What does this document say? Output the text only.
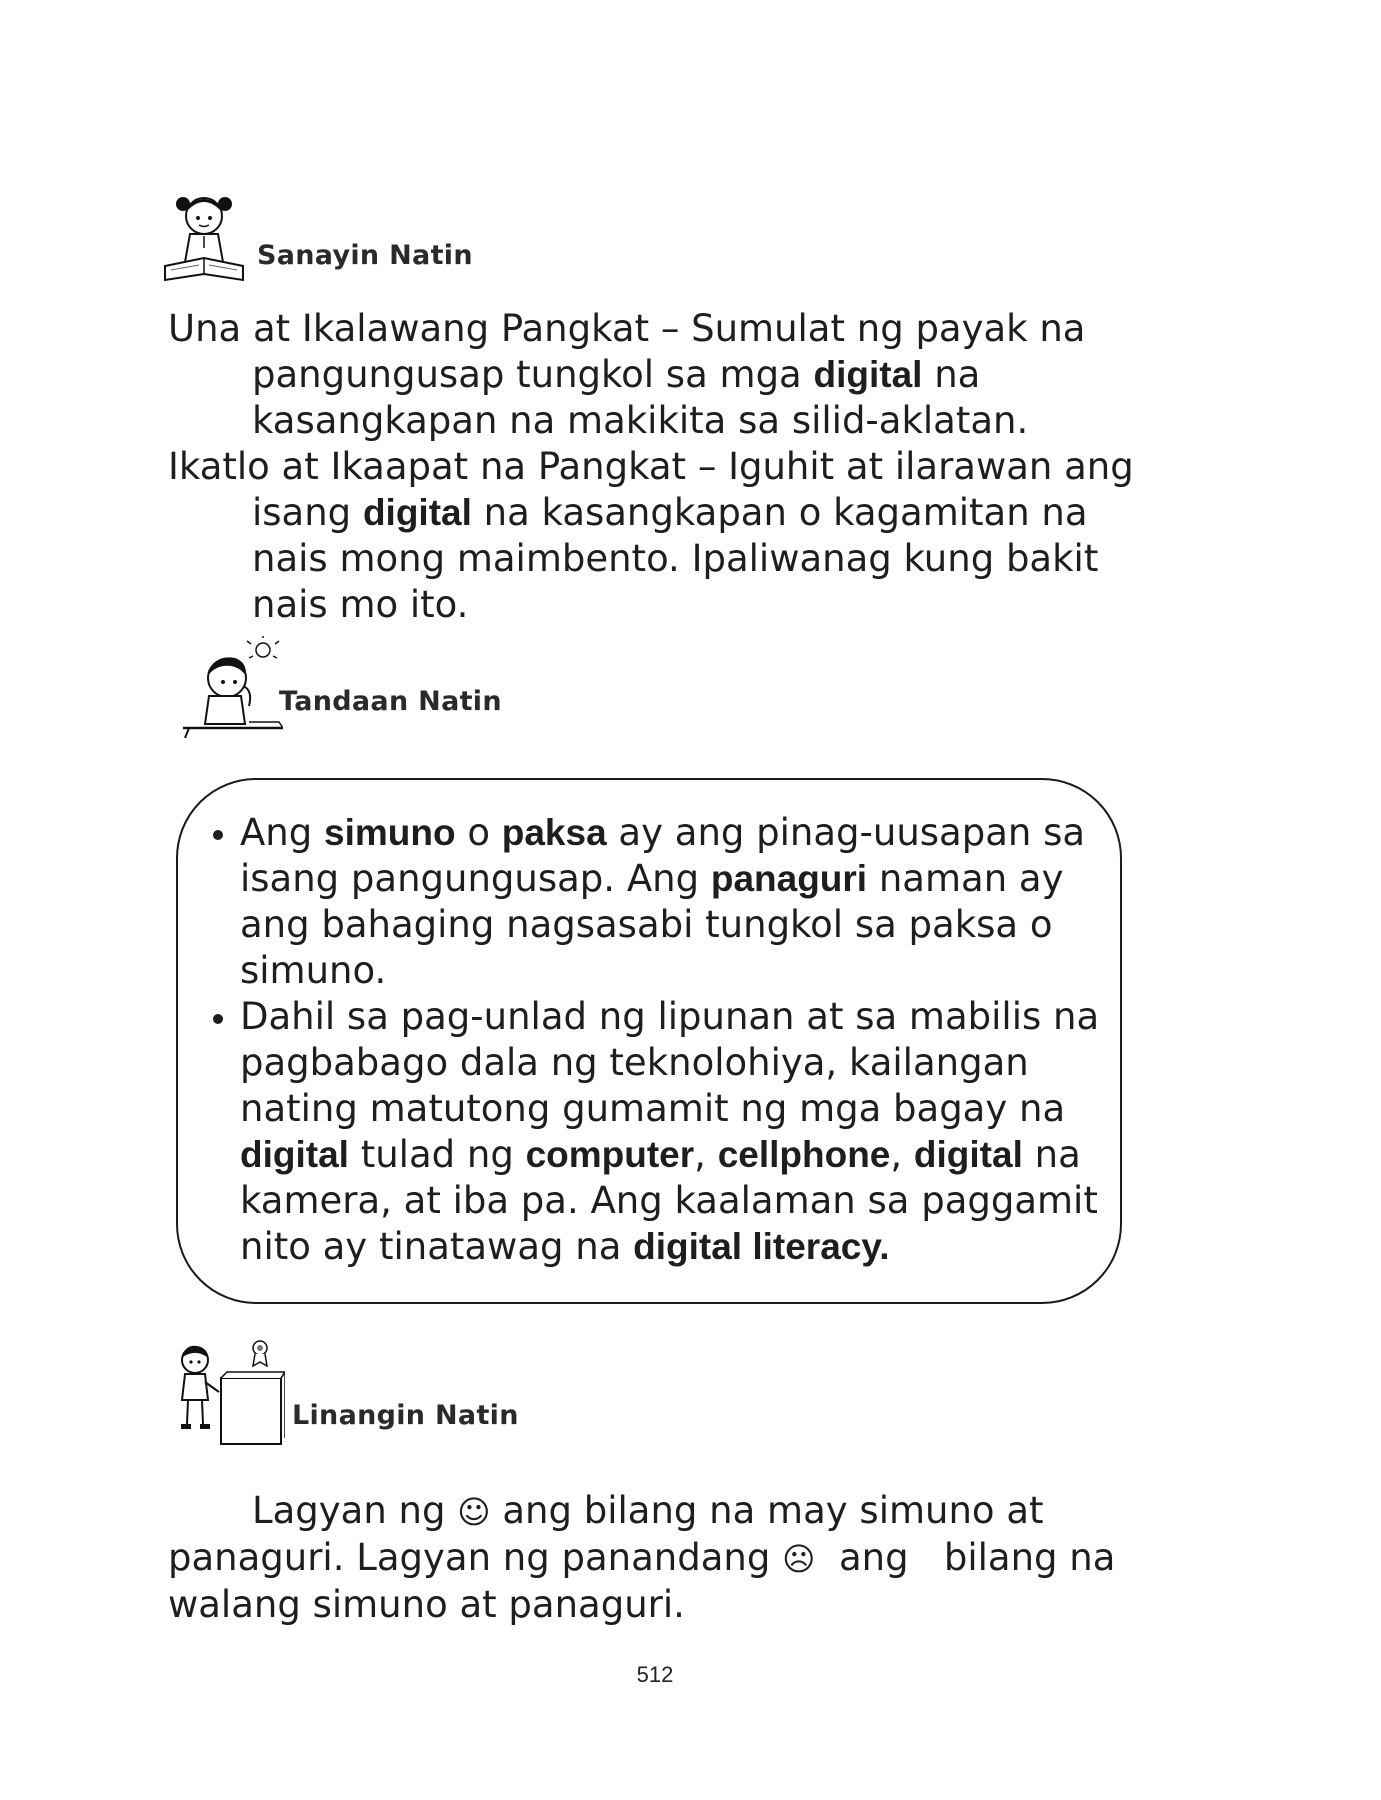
Sanayin Natin
Una at Ikalawang Pangkat – Sumulat ng payak na
pangungusap tungkol sa mga digital na
kasangkapan na makikita sa silid-aklatan.
Ikatlo at Ikaapat na Pangkat – Iguhit at ilarawan ang
isang digital na kasangkapan o kagamitan na
nais mong maimbento. Ipaliwanag kung bakit
nais mo ito.
Tandaan Natin
Ang simuno o paksa ay ang pinag-uusapan sa
isang pangungusap. Ang panaguri naman ay
ang bahaging nagsasabi tungkol sa paksa o
simuno.
Dahil sa pag-unlad ng lipunan at sa mabilis na
pagbabago dala ng teknolohiya, kailangan
nating matutong gumamit ng mga bagay na
digital tulad ng computer, cellphone, digital na
kamera, at iba pa. Ang kaalaman sa paggamit
nito ay tinatawag na digital literacy.
Linangin Natin
Lagyan ng ☺ ang bilang na may simuno at
panaguri. Lagyan ng panandang ☹  ang   bilang na
walang simuno at panaguri.
512
